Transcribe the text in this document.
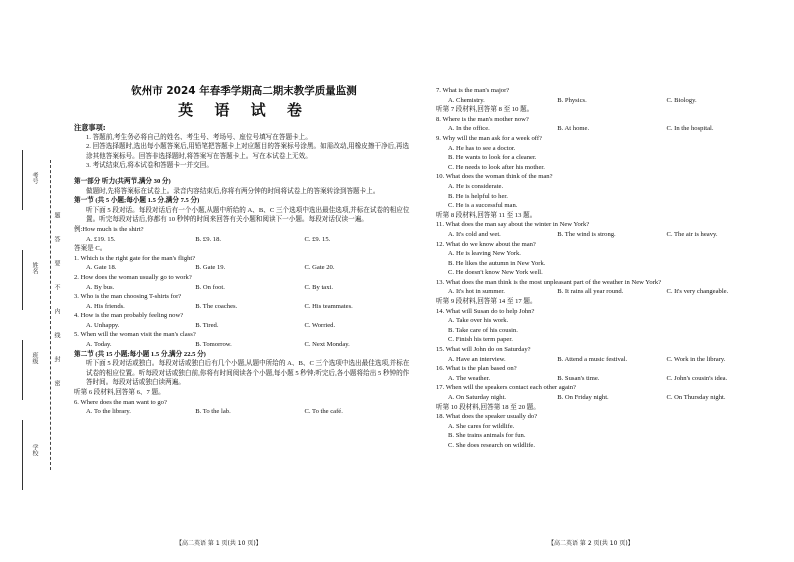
考号
姓名
班级
学校
题
答
要
不
内
线
封
密
钦州市 2024 年春季学期高二期末教学质量监测
英 语 试 卷
注意事项:

1. 答题前,考生务必将自己的姓名、考生号、考场号、座位号填写在答题卡上。

2. 回答选择题时,选出每小题答案后,用铅笔把答题卡上对应题目的答案标号涂黑。如需改动,用橡皮擦干净后,再选涂其他答案标号。回答非选择题时,将答案写在答题卡上。写在本试卷上无效。

3. 考试结束后,将本试卷和答题卡一并交回。

第一部分 听力(共两节,满分 30 分)

做题时,先将答案标在试卷上。录音内容结束后,你将有两分钟的时间将试卷上的答案转涂到答题卡上。

第一节 (共 5 小题;每小题 1.5 分,满分 7.5 分)

听下面 5 段对话。每段对话后有一个小题,从题中所给的 A、B、C 三个选项中选出最佳选项,并标在试卷的相应位置。听完每段对话后,你都有 10 秒钟的时间来回答有关小题和阅读下一小题。每段对话仅读一遍。

例:How much is the shirt?

A. £19. 15.	B. £9. 18.	C. £9. 15.

答案是 C。

1. Which is the right gate for the man's flight?

A. Gate 18.	B. Gate 19.	C. Gate 20.

2. How does the woman usually go to work?

A. By bus.	B. On foot.	C. By taxi.

3. Who is the man choosing T-shirts for?

A. His friends.	B. The coaches.	C. His teammates.

4. How is the man probably feeling now?

A. Unhappy.	B. Tired.	C. Worried.

5. When will the woman visit the man's class?

A. Today.	B. Tomorrow.	C. Next Monday.

第二节 (共 15 小题;每小题 1.5 分,满分 22.5 分)

听下面 5 段对话或独白。每段对话或独白后有几个小题,从题中所给的 A、B、C 三个选项中选出最佳选项,并标在试卷的相应位置。听每段对话或独白前,你将有时间阅读各个小题,每小题 5 秒钟;听完后,各小题将给出 5 秒钟的作答时间。每段对话或独白读两遍。

听第 6 段材料,回答第 6、7 题。

6. Where does the man want to go?

A. To the library.	B. To the lab.	C. To the café.

7. What is the man's major?

A. Chemistry.	B. Physics.	C. Biology.

听第 7 段材料,回答第 8 至 10 题。

8. Where is the man's mother now?

A. In the office.	B. At home.	C. In the hospital.

9. Why will the man ask for a week off?

A. He has to see a doctor.

B. He wants to look for a cleaner.

C. He needs to look after his mother.

10. What does the woman think of the man?

A. He is considerate.

B. He is helpful to her.

C. He is a successful man.

听第 8 段材料,回答第 11 至 13 题。

11. What does the man say about the winter in New York?

A. It's cold and wet.	B. The wind is strong.	C. The air is heavy.

12. What do we know about the man?

A. He is leaving New York.

B. He likes the autumn in New York.

C. He doesn't know New York well.

13. What does the man think is the most unpleasant part of the weather in New York?

A. It's hot in summer.	B. It rains all year round.	C. It's very changeable.

听第 9 段材料,回答第 14 至 17 题。

14. What will Susan do to help John?

A. Take over his work.

B. Take care of his cousin.

C. Finish his term paper.

15. What will John do on Saturday?

A. Have an interview.	B. Attend a music festival.	C. Work in the library.

16. What is the plan based on?

A. The weather.	B. Susan's time.	C. John's cousin's idea.

17. When will the speakers contact each other again?

A. On Saturday night.	B. On Friday night.	C. On Thursday night.

听第 10 段材料,回答第 18 至 20 题。

18. What does the speaker usually do?

A. She cares for wildlife.

B. She trains animals for fun.

C. She does research on wildlife.

【高二英语 第 1 页(共 10 页)】	【高二英语 第 2 页(共 10 页)】
